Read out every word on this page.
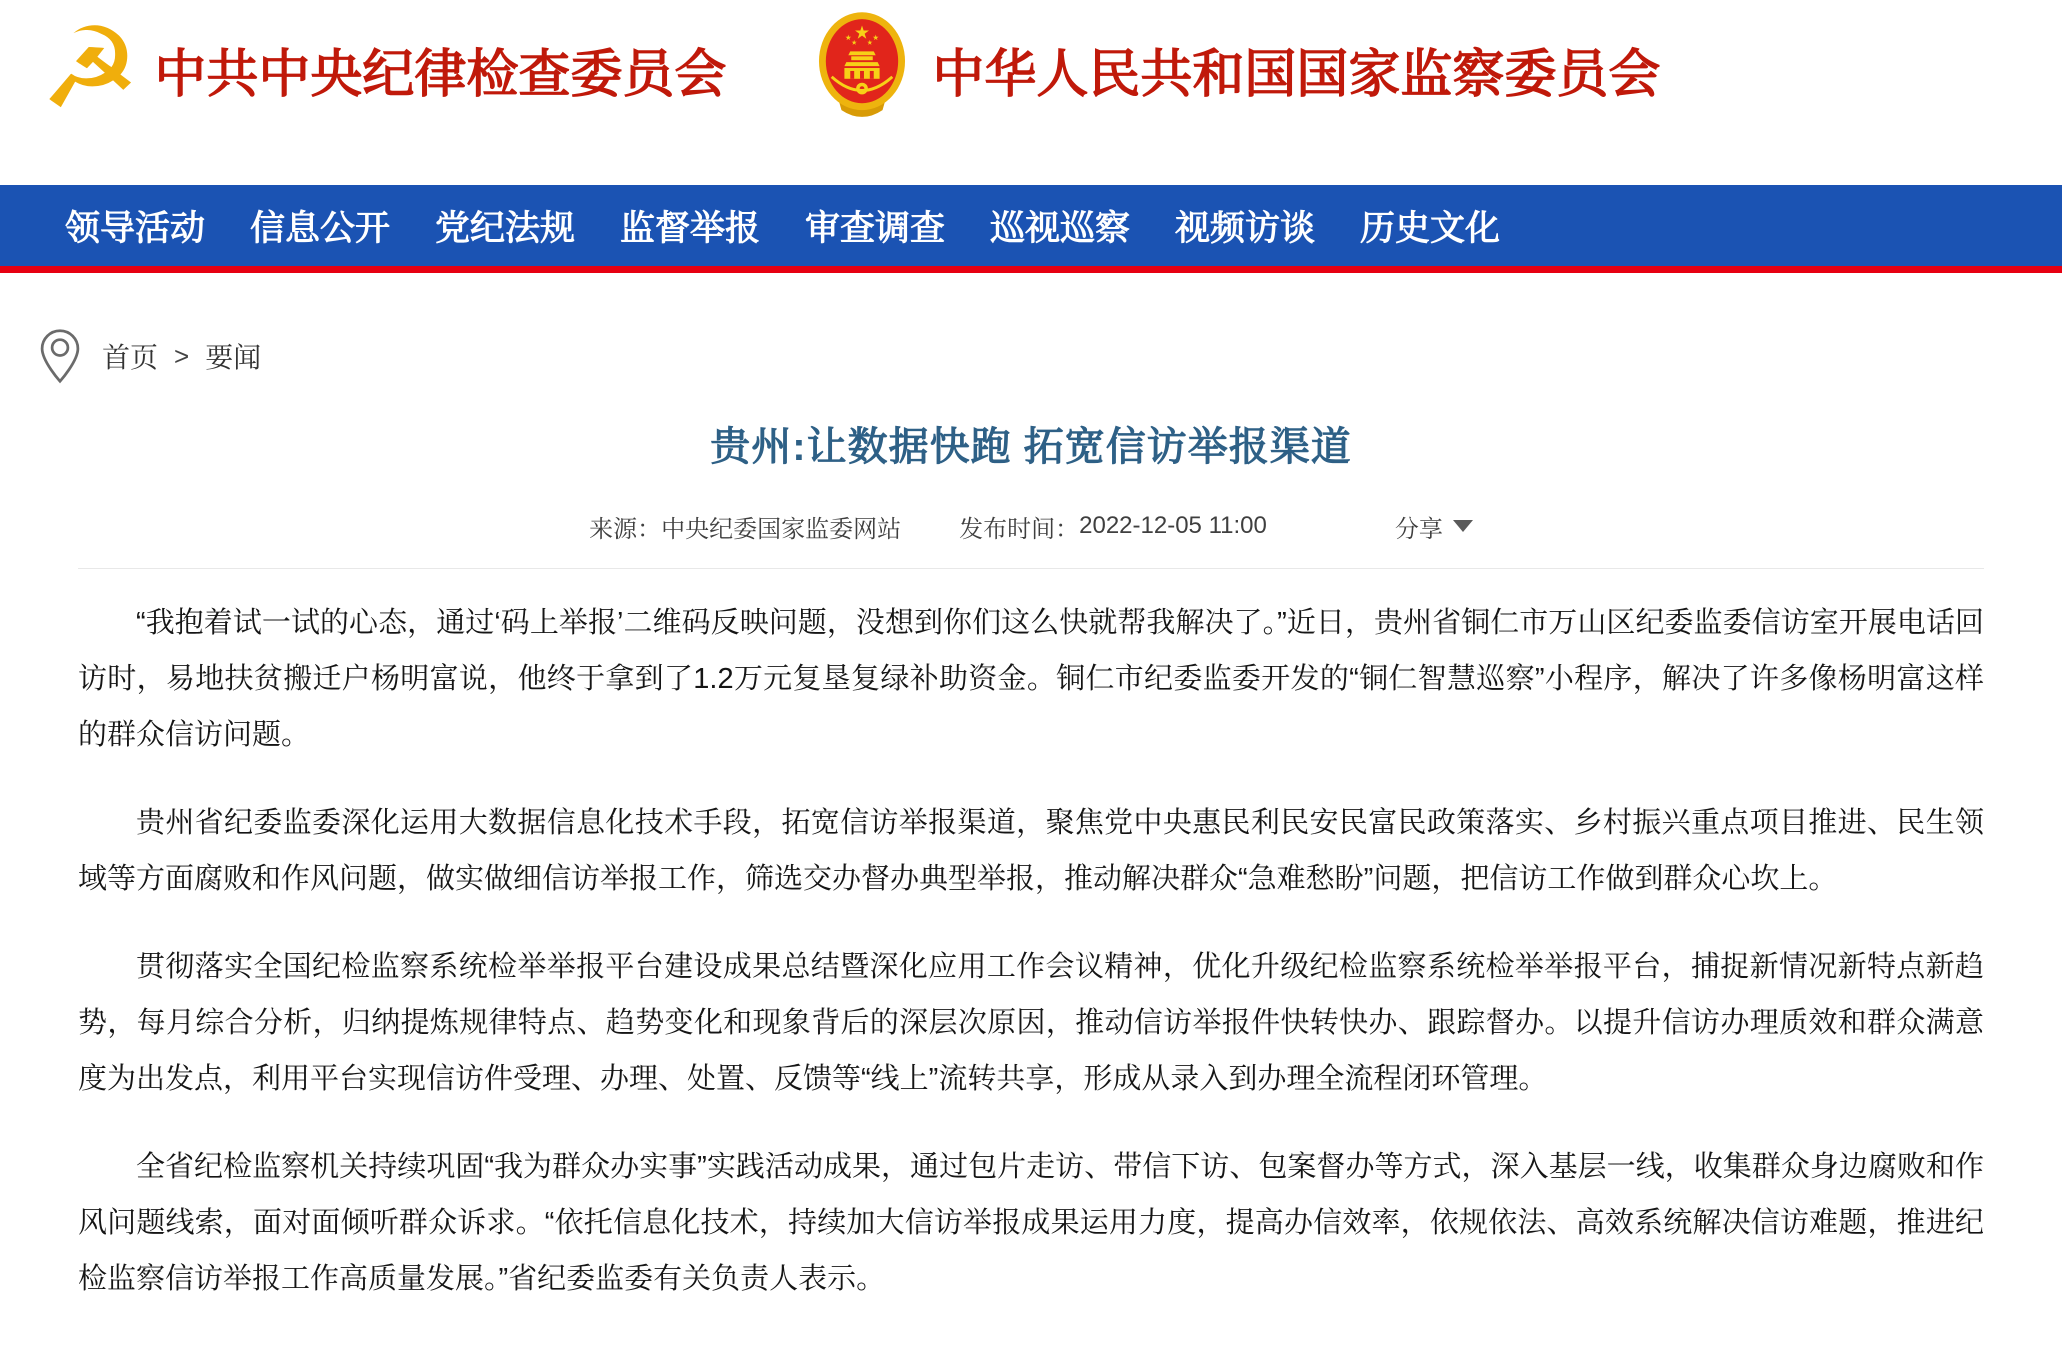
☭ 中共中央纪律检查委员会	中华人民共和国国家监察委员会
领导活动 信息公开 党纪法规 监督举报 审查调查 巡视巡察 视频访谈 历史文化
首页 > 要闻
贵州:让数据快跑 拓宽信访举报渠道
来源： 中央纪委国家监委网站 发布时间： 2022-12-05 11:00	分享

“我抱着试一试的心态，通过‘码上举报’二维码反映问题，没想到你们这么快就帮我解决了。”近日，贵州省铜仁市万山区纪委监委信访室开展电话回访时，易地扶贫搬迁户杨明富说，他终于拿到了1.2万元复垦复绿补助资金。铜仁市纪委监委开发的“铜仁智慧巡察”小程序，解决了许多像杨明富这样的群众信访问题。

贵州省纪委监委深化运用大数据信息化技术手段，拓宽信访举报渠道，聚焦党中央惠民利民安民富民政策落实、乡村振兴重点项目推进、民生领域等方面腐败和作风问题，做实做细信访举报工作，筛选交办督办典型举报，推动解决群众“急难愁盼”问题，把信访工作做到群众心坎上。

贯彻落实全国纪检监察系统检举举报平台建设成果总结暨深化应用工作会议精神，优化升级纪检监察系统检举举报平台，捕捉新情况新特点新趋势，每月综合分析，归纳提炼规律特点、趋势变化和现象背后的深层次原因，推动信访举报件快转快办、跟踪督办。以提升信访办理质效和群众满意度为出发点，利用平台实现信访件受理、办理、处置、反馈等“线上”流转共享，形成从录入到办理全流程闭环管理。

全省纪检监察机关持续巩固“我为群众办实事”实践活动成果，通过包片走访、带信下访、包案督办等方式，深入基层一线，收集群众身边腐败和作风问题线索，面对面倾听群众诉求。“依托信息化技术，持续加大信访举报成果运用力度，提高办信效率，依规依法、高效系统解决信访难题，推进纪检监察信访举报工作高质量发展。”省纪委监委有关负责人表示。
